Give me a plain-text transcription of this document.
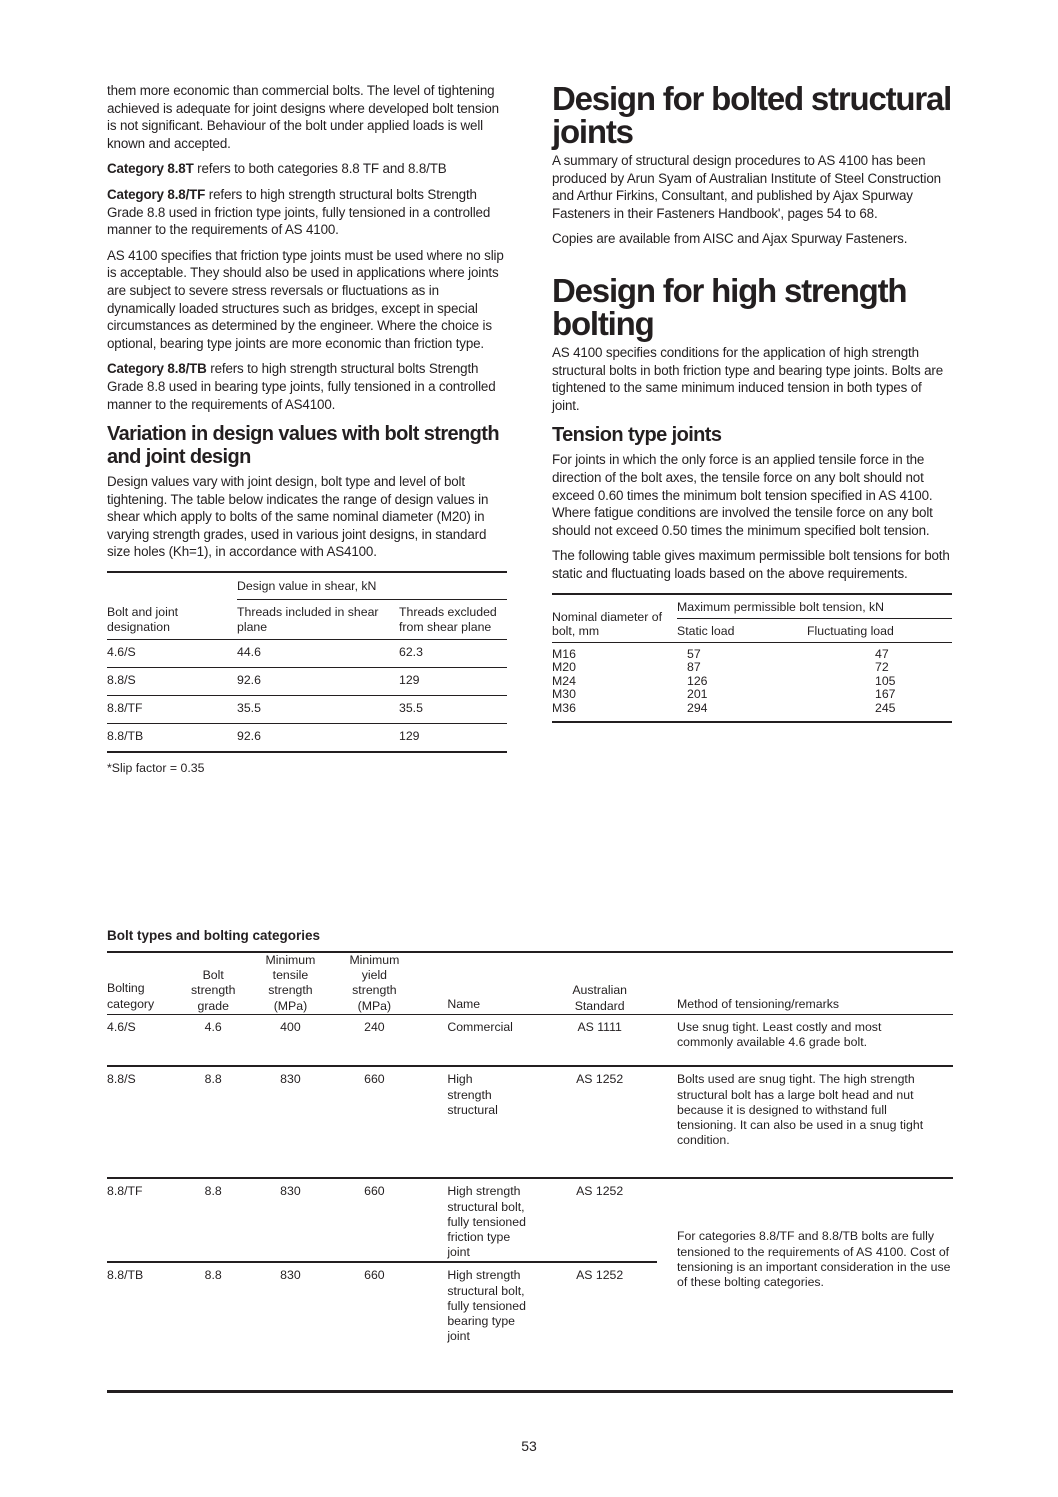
them more economic than commercial bolts. The level of tightening achieved is adequate for joint designs where developed bolt tension is not significant. Behaviour of the bolt under applied loads is well known and accepted.

Category 8.8T refers to both categories 8.8 TF and 8.8/TB

Category 8.8/TF refers to high strength structural bolts Strength Grade 8.8 used in friction type joints, fully tensioned in a controlled manner to the requirements of AS 4100.

AS 4100 specifies that friction type joints must be used where no slip is acceptable. They should also be used in applications where joints are subject to severe stress reversals or fluctuations as in dynamically loaded structures such as bridges, except in special circumstances as determined by the engineer. Where the choice is optional, bearing type joints are more economic than friction type.

Category 8.8/TB refers to high strength structural bolts Strength Grade 8.8 used in bearing type joints, fully tensioned in a controlled manner to the requirements of AS4100.

Variation in design values with bolt strength and joint design

Design values vary with joint design, bolt type and level of bolt tightening. The table below indicates the range of design values in shear which apply to bolts of the same nominal diameter (M20) in varying strength grades, used in various joint designs, in standard size holes (Kh=1), in accordance with AS4100.

	Design value in shear, kN	
Bolt and joint designation	Threads included in shear plane	Threads excluded from shear plane
4.6/S	44.6	62.3
8.8/S	92.6	129
8.8/TF	35.5	35.5
8.8/TB	92.6	129
*Slip factor = 0.35
Design for bolted structural joints

A summary of structural design procedures to AS 4100 has been produced by Arun Syam of Australian Institute of Steel Construction and Arthur Firkins, Consultant, and published by Ajax Spurway Fasteners in their Fasteners Handbook', pages 54 to 68.

Copies are available from AISC and Ajax Spurway Fasteners.

Design for high strength bolting

AS 4100 specifies conditions for the application of high strength structural bolts in both friction type and bearing type joints. Bolts are tightened to the same minimum induced tension in both types of joint.

Tension type joints

For joints in which the only force is an applied tensile force in the direction of the bolt axes, the tensile force on any bolt should not exceed 0.60 times the minimum bolt tension specified in AS 4100. Where fatigue conditions are involved the tensile force on any bolt should not exceed 0.50 times the minimum specified bolt tension.

The following table gives maximum permissible bolt tensions for both static and fluctuating loads based on the above requirements.

Nominal diameter of bolt, mm	Maximum permissible bolt tension, kN	
	Static load	Fluctuating load
M16	57	47
M20	87	72
M24	126	105
M30	201	167
M36	294	245
Bolt types and bolting categories

Bolting category	Bolt strength grade	Minimum tensile strength (MPa)	Minimum yield strength (MPa)	Name	Australian Standard	Method of tensioning/remarks
4.6/S	4.6	400	240	Commercial	AS 1111	Use snug tight. Least costly and most commonly available 4.6 grade bolt.
8.8/S	8.8	830	660	High strength structural	AS 1252	Bolts used are snug tight. The high strength structural bolt has a large bolt head and nut because it is designed to withstand full tensioning. It can also be used in a snug tight condition.
8.8/TF	8.8	830	660	High strength structural bolt, fully tensioned friction type joint	AS 1252	For categories 8.8/TF and 8.8/TB bolts are fully tensioned to the requirements of AS 4100. Cost of tensioning is an important consideration in the use of these bolting categories.
8.8/TB	8.8	830	660	High strength structural bolt, fully tensioned bearing type joint	AS 1252	
53
